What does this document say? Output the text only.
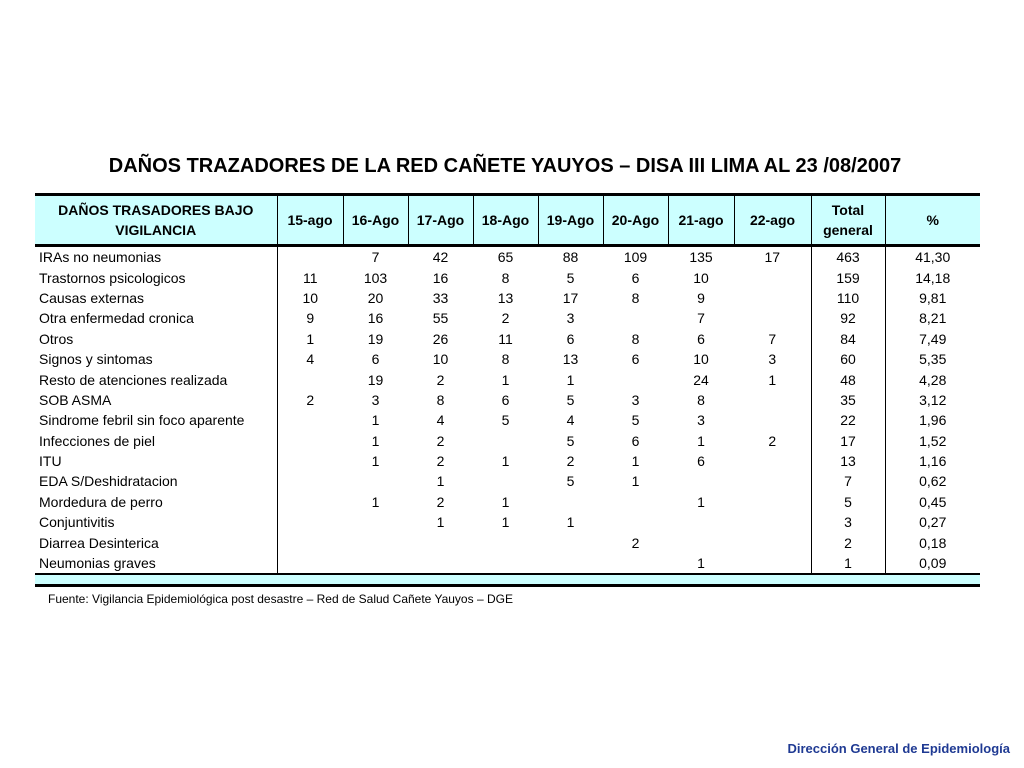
DAÑOS TRAZADORES DE LA RED CAÑETE YAUYOS – DISA III LIMA AL 23 /08/2007
DAÑOS TRASADORES BAJO VIGILANCIA	15-ago	16-Ago	17-Ago	18-Ago	19-Ago	20-Ago	21-ago	22-ago	Total general	%
IRAs no neumonias		7	42	65	88	109	135	17	463	41,30
Trastornos psicologicos	11	103	16	8	5	6	10		159	14,18
Causas externas	10	20	33	13	17	8	9		110	9,81
Otra enfermedad cronica	9	16	55	2	3		7		92	8,21
Otros	1	19	26	11	6	8	6	7	84	7,49
Signos y sintomas	4	6	10	8	13	6	10	3	60	5,35
Resto de atenciones realizada		19	2	1	1		24	1	48	4,28
SOB ASMA	2	3	8	6	5	3	8		35	3,12
Sindrome febril sin foco aparente		1	4	5	4	5	3		22	1,96
Infecciones de piel		1	2		5	6	1	2	17	1,52
ITU		1	2	1	2	1	6		13	1,16
EDA S/Deshidratacion			1		5	1			7	0,62
Mordedura de perro		1	2	1			1		5	0,45
Conjuntivitis			1	1	1				3	0,27
Diarrea Desinterica						2			2	0,18
Neumonias graves							1		1	0,09
Fuente: Vigilancia Epidemiológica post desastre – Red de Salud Cañete Yauyos – DGE
Dirección General de Epidemiología
